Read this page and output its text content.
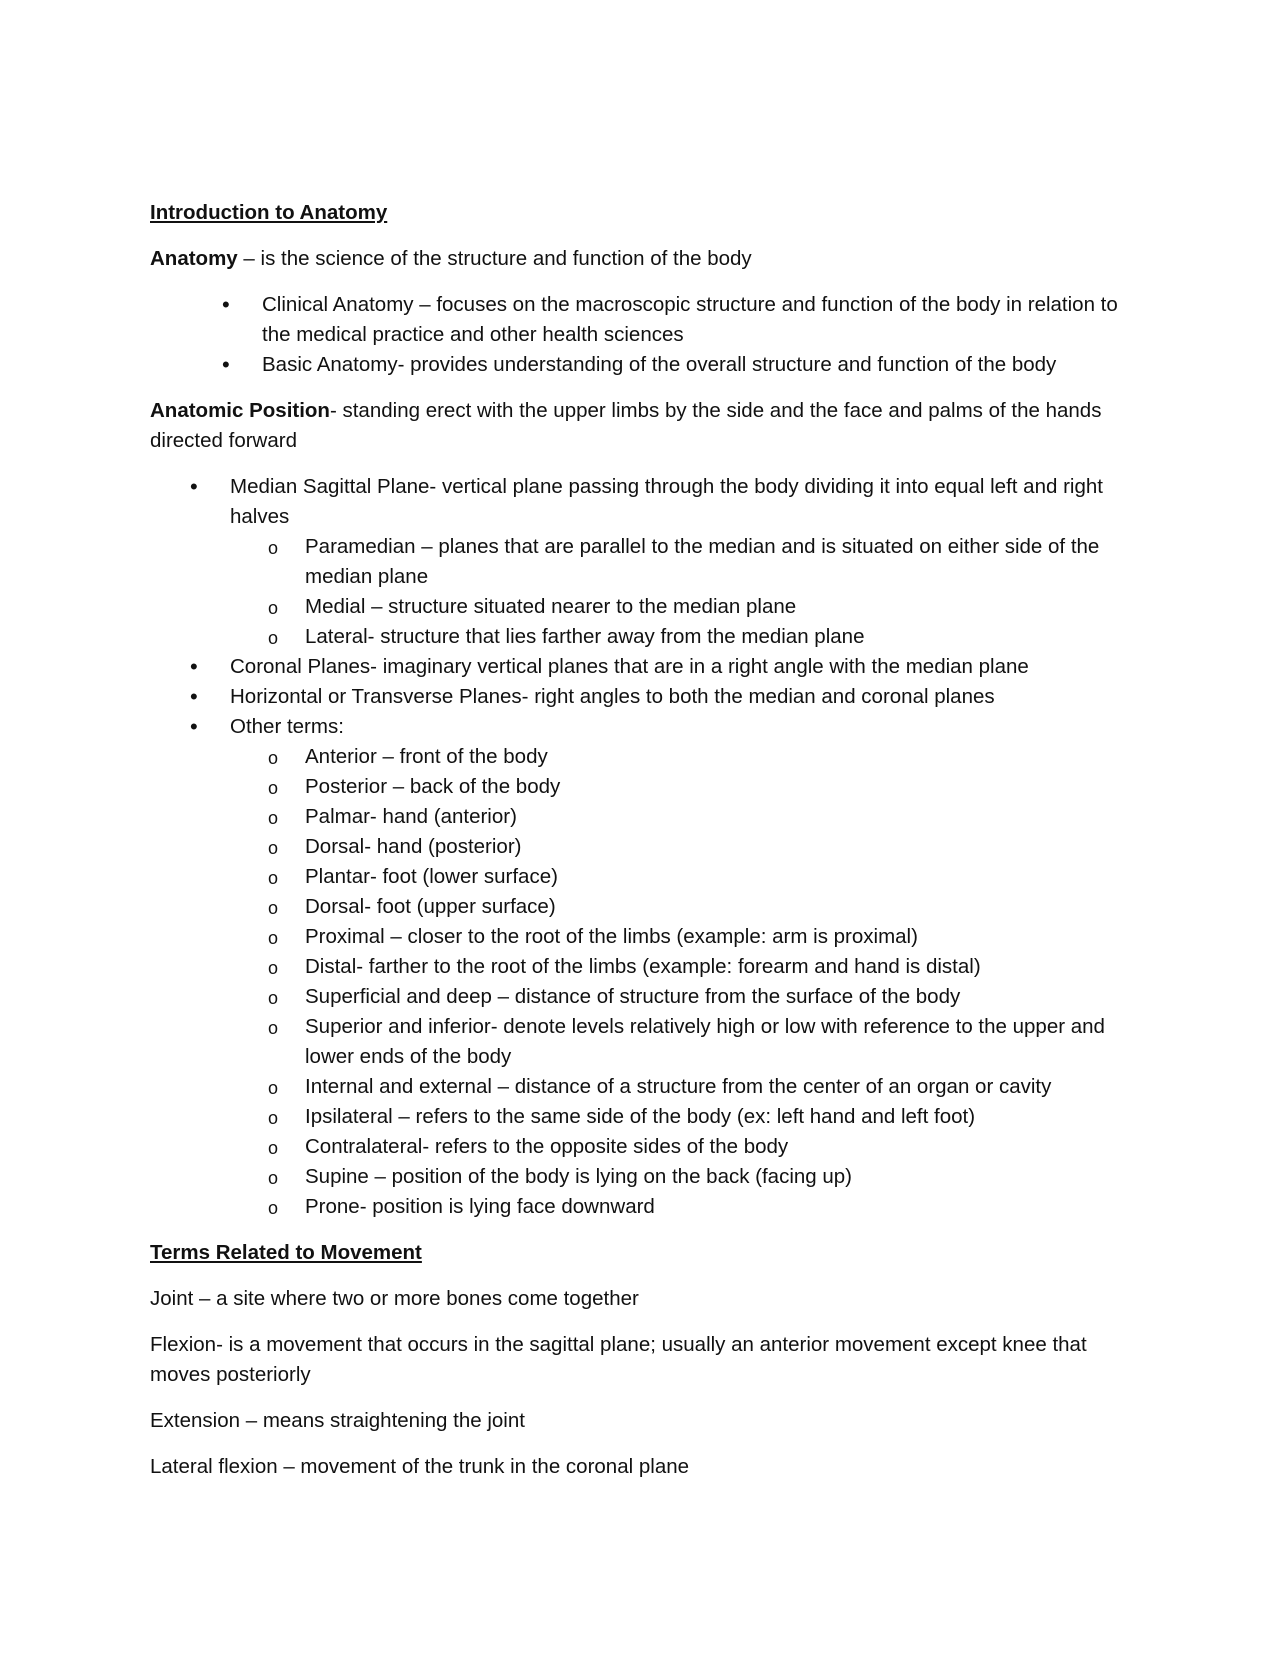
Introduction to Anatomy

Anatomy – is the science of the structure and function of the body

• Clinical Anatomy – focuses on the macroscopic structure and function of the body in relation to the medical practice and other health sciences
• Basic Anatomy- provides understanding of the overall structure and function of the body

Anatomic Position- standing erect with the upper limbs by the side and the face and palms of the hands directed forward

• Median Sagittal Plane- vertical plane passing through the body dividing it into equal left and right halves
o Paramedian – planes that are parallel to the median and is situated on either side of the median plane
o Medial – structure situated nearer to the median plane
o Lateral- structure that lies farther away from the median plane
• Coronal Planes- imaginary vertical planes that are in a right angle with the median plane
• Horizontal or Transverse Planes- right angles to both the median and coronal planes
• Other terms:
o Anterior – front of the body
o Posterior – back of the body
o Palmar- hand (anterior)
o Dorsal- hand (posterior)
o Plantar- foot (lower surface)
o Dorsal- foot (upper surface)
o Proximal – closer to the root of the limbs (example: arm is proximal)
o Distal- farther to the root of the limbs (example: forearm and hand is distal)
o Superficial and deep – distance of structure from the surface of the body
o Superior and inferior- denote levels relatively high or low with reference to the upper and lower ends of the body
o Internal and external – distance of a structure from the center of an organ or cavity
o Ipsilateral – refers to the same side of the body (ex: left hand and left foot)
o Contralateral- refers to the opposite sides of the body
o Supine – position of the body is lying on the back (facing up)
o Prone- position is lying face downward

Terms Related to Movement

Joint – a site where two or more bones come together

Flexion- is a movement that occurs in the sagittal plane; usually an anterior movement except knee that moves posteriorly

Extension – means straightening the joint

Lateral flexion – movement of the trunk in the coronal plane
